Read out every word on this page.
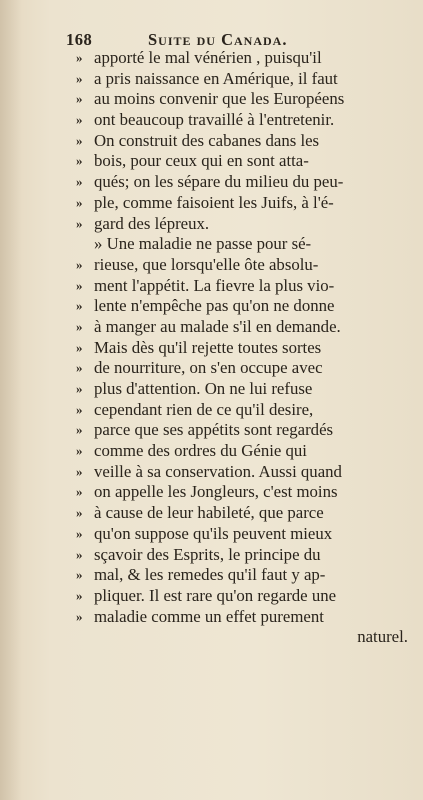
168	Suite du Canada.
» apporté le mal vénérien , puisqu'il
» a pris naissance en Amérique, il faut
» au moins convenir que les Européens
» ont beaucoup travaillé à l'entretenir.
» On construit des cabanes dans les
» bois, pour ceux qui en sont atta-
» qués; on les sépare du milieu du peu-
» ple, comme faisoient les Juifs, à l'é-
» gard des lépreux.
» Une maladie ne passe pour sé-
» rieuse, que lorsqu'elle ôte absolu-
» ment l'appétit. La fievre la plus vio-
» lente n'empêche pas qu'on ne donne
» à manger au malade s'il en demande.
» Mais dès qu'il rejette toutes sortes
» de nourriture, on s'en occupe avec
» plus d'attention. On ne lui refuse
» cependant rien de ce qu'il desire,
» parce que ses appétits sont regardés
» comme des ordres du Génie qui
» veille à sa conservation. Aussi quand
» on appelle les Jongleurs, c'est moins
» à cause de leur habileté, que parce
» qu'on suppose qu'ils peuvent mieux
» sçavoir des Esprits, le principe du
» mal, & les remedes qu'il faut y ap-
» pliquer. Il est rare qu'on regarde une
» maladie comme un effet purement
naturel.
